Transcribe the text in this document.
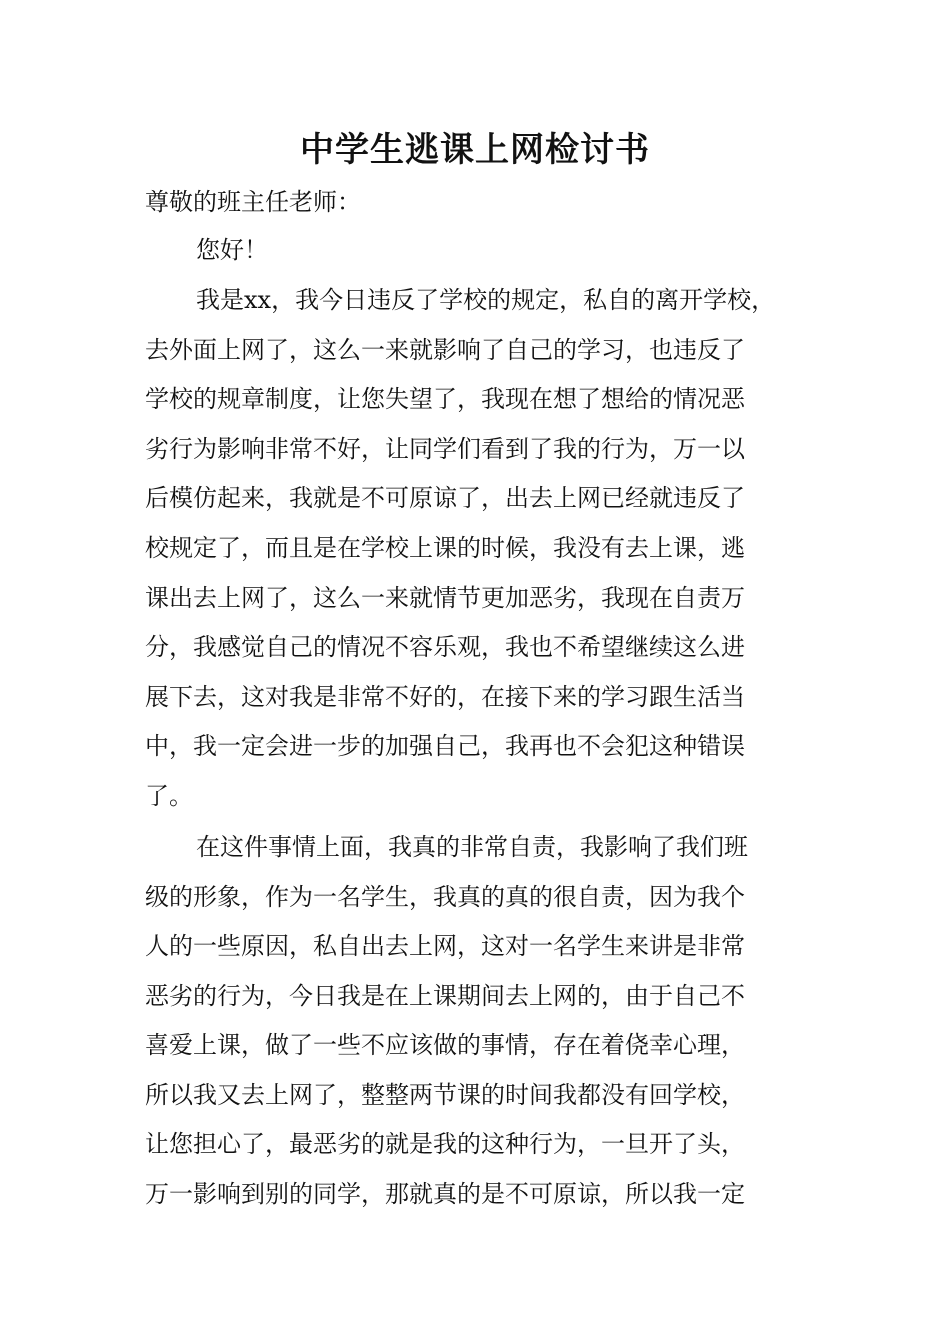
中学生逃课上网检讨书

尊敬的班主任老师：

您好！

我是xx，我今日违反了学校的规定，私自的离开学校，

去外面上网了，这么一来就影响了自己的学习，也违反了

学校的规章制度，让您失望了，我现在想了想给的情况恶

劣行为影响非常不好，让同学们看到了我的行为，万一以

后模仿起来，我就是不可原谅了，出去上网已经就违反了

校规定了，而且是在学校上课的时候，我没有去上课，逃

课出去上网了，这么一来就情节更加恶劣，我现在自责万

分，我感觉自己的情况不容乐观，我也不希望继续这么进

展下去，这对我是非常不好的，在接下来的学习跟生活当

中，我一定会进一步的加强自己，我再也不会犯这种错误

了。

在这件事情上面，我真的非常自责，我影响了我们班

级的形象，作为一名学生，我真的真的很自责，因为我个

人的一些原因，私自出去上网，这对一名学生来讲是非常

恶劣的行为，今日我是在上课期间去上网的，由于自己不

喜爱上课，做了一些不应该做的事情，存在着侥幸心理，

所以我又去上网了，整整两节课的时间我都没有回学校，

让您担心了，最恶劣的就是我的这种行为，一旦开了头，

万一影响到别的同学，那就真的是不可原谅，所以我一定
